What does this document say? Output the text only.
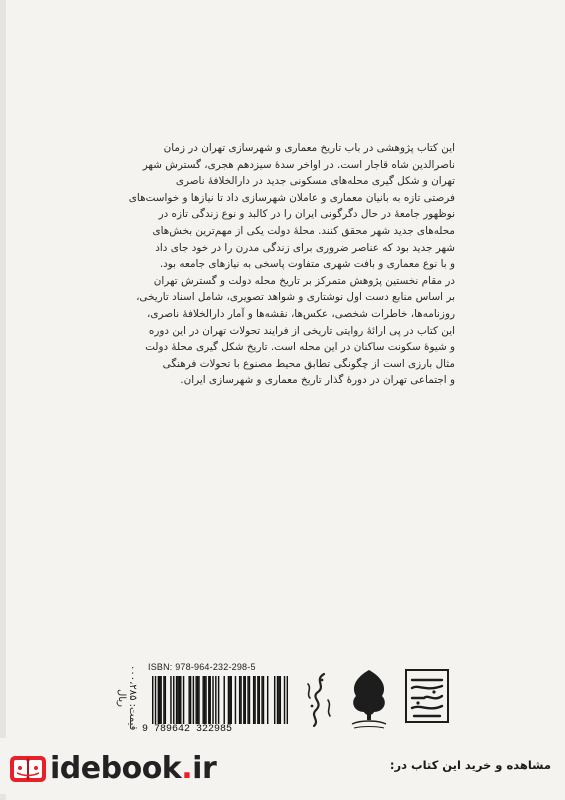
این کتاب پژوهشی در باب تاریخ معماری و شهرسازی تهران در زمان

ناصرالدین شاه قاجار است. در اواخر سدهٔ سیزدهم هجری، گسترش شهر

تهران و شکل گیری محله‌های مسکونی جدید در دارالخلافهٔ ناصری

فرصتی تازه به بانیان معماری و عاملان شهرسازی داد تا نیازها و خواست‌های

نوظهور جامعهٔ در حال دگرگونی ایران را در کالبد و نوع زندگی تازه در

محله‌های جدید شهر محقق کنند. محلهٔ دولت یکی از مهم‌ترین بخش‌های

شهر جدید بود که عناصر ضروری برای زندگی مدرن را در خود جای داد

و با نوع معماری و بافت شهری متفاوت پاسخی به نیازهای جامعه بود.

در مقام نخستین پژوهش متمرکز بر تاریخ محله دولت و گسترش تهران

بر اساس منابع دست اول نوشتاری و شواهد تصویری، شامل اسناد تاریخی،

روزنامه‌ها، خاطرات شخصی، عکس‌ها، نقشه‌ها و آمار دارالخلافهٔ ناصری،

این کتاب در پی ارائهٔ روایتی تاریخی از فرایند تحولات تهران در این دوره

و شیوهٔ سکونت ساکنان در این محله است. تاریخ شکل گیری محلهٔ دولت

مثال بارزی است از چگونگی تطابق محیط مصنوع با تحولات فرهنگی

و اجتماعی تهران در دورهٔ گذار تاریخ معماری و شهرسازی ایران.

قیمت: ۰۰۰،۲۸۵ ریال
ISBN: 978-964-232-298-5
9 789642 322985
idebook.ir	مشاهده و خرید این کتاب در:
